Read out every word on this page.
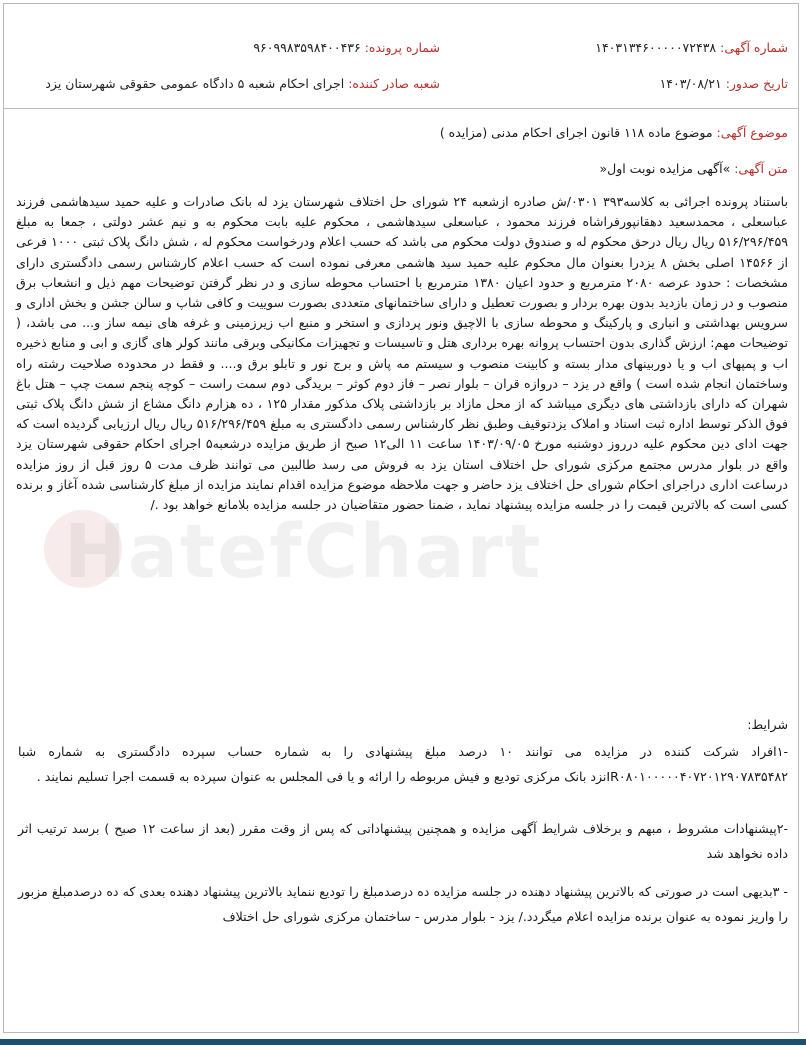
شماره آگهی: ۱۴۰۳۱۳۴۶۰۰۰۰۰۷۲۴۳۸
شماره پرونده: ۹۶۰۹۹۸۳۵۹۸۴۰۰۴۳۶
تاریخ صدور: ۱۴۰۳/۰۸/۲۱
شعبه صادر کننده: اجرای احکام شعبه ۵ دادگاه عمومی حقوقی شهرستان یزد
موضوع آگهی: موضوع ماده ۱۱۸ قانون اجرای احکام مدنی (مزایده )
متن آگهی: »آگهی مزایده نوبت اول«

باستناد پرونده اجرائی به کلاسه۳۹۳ ۰۳۰۱/ش صادره ازشعبه ۲۴ شورای حل اختلاف شهرستان یزد له بانک صادرات و علیه حمید سیدهاشمی فرزند عباسعلی ، محمدسعید دهقانپورفراشاه فرزند محمود ، عباسعلی سیدهاشمی ، محکوم علیه بابت محکوم به و نیم عشر دولتی ، جمعا به مبلغ ۵۱۶/۲۹۶/۴۵۹ ریال ریال درحق محکوم له و صندوق دولت محکوم می باشد که حسب اعلام ودرخواست محکوم له ، شش دانگ پلاک ثبتی ۱۰۰۰ فرعی از ۱۴۵۶۶ اصلی بخش ۸ یزدرا بعنوان مال محکوم علیه حمید سید هاشمی معرفی نموده است که حسب اعلام کارشناس رسمی دادگستری دارای مشخصات : حدود عرصه ۲۰۸۰ مترمربع و حدود اعیان ۱۳۸۰ مترمربع با احتساب محوطه سازی و در نظر گرفتن توضیحات مهم ذیل و انشعاب برق منصوب و در زمان بازدید بدون بهره بردار و بصورت تعطیل و دارای ساختمانهای متعددی بصورت سوییت و کافی شاپ و سالن جشن و بخش اداری و سرویس بهداشتی و انباری و پارکینگ و محوطه سازی با الاچیق ونور پردازی و استخر و منبع اب زیرزمینی و غرفه های نیمه ساز و... می باشد، ( توضیحات مهم: ارزش گذاری بدون احتساب پروانه بهره برداری هتل و تاسیسات و تجهیزات مکانیکی وبرقی مانند کولر های گازی و ابی و منابع ذخیره اب و پمپهای اب و یا دوربینهای مدار بسته و کابینت منصوب و سیستم مه پاش و برج نور و تابلو برق و.... و فقط در محدوده صلاحیت رشته راه وساختمان انجام شده است ) واقع در یزد – دروازه قران – بلوار نصر – فاز دوم کوثر – بریدگی دوم سمت راست – کوچه پنجم سمت چپ – هتل باغ شهران که دارای بازداشتی های دیگری میباشد که از محل مازاد بر بازداشتی پلاک مذکور مقدار ۱۲۵ ، ده هزارم دانگ مشاع از شش دانگ پلاک ثبتی فوق الذکر توسط اداره ثبت اسناد و املاک یزدتوقیف وطبق نظر کارشناس رسمی دادگستری به مبلغ ۵۱۶/۲۹۶/۴۵۹ ریال ریال ارزیابی گردیده است که جهت ادای دین محکوم علیه درروز دوشنبه مورخ ۱۴۰۳/۰۹/۰۵ ساعت ۱۱ الی۱۲ صبح از طریق مزایده درشعبه۵ اجرای احکام حقوقی شهرستان یزد واقع در بلوار مدرس مجتمع مرکزی شورای حل اختلاف استان یزد به فروش می رسد طالبین می توانند ظرف مدت ۵ روز قبل از روز مزایده درساعت اداری دراجرای احکام شورای حل اختلاف یزد حاضر و جهت ملاحظه موضوع مزایده اقدام نمایند مزایده از مبلغ کارشناسی شده آغاز و برنده کسی است که بالاترین قیمت را در جلسه مزایده پیشنهاد نماید ، ضمنا حضور متقاضیان در جلسه مزایده بلامانع خواهد بود ./

شرایط:
-۱افراد شرکت کننده در مزایده می توانند ۱۰ درصد مبلغ پیشنهادی را به شماره حساب سپرده دادگستری به شماره شبا IR۰۸۰۱۰۰۰۰۰۴۰۷۲۰۱۲۹۰۷۸۳۵۴۸۲نزد بانک مرکزی توديع و فیش مربوطه را ارائه و یا فی المجلس به عنوان سپرده به قسمت اجرا تسلیم نمایند .
-۲پیشنهادات مشروط ، مبهم و برخلاف شرایط آگهی مزایده و همچنین پیشنهاداتی که پس از وقت مقرر (بعد از ساعت ۱۲ صبح ) برسد ترتیب اثر داده نخواهد شد
- ۳بدیهی است در صورتی که بالاترین پیشنهاد دهنده در جلسه مزایده ده درصدمبلغ را تودیع ننماید بالاترین پیشنهاد دهنده بعدی که ده درصدمبلغ مزبور را واریز نموده به عنوان برنده مزایده اعلام میگردد./ یزد - بلوار مدرس - ساختمان مرکزی شورای حل اختلاف
HatefChart
